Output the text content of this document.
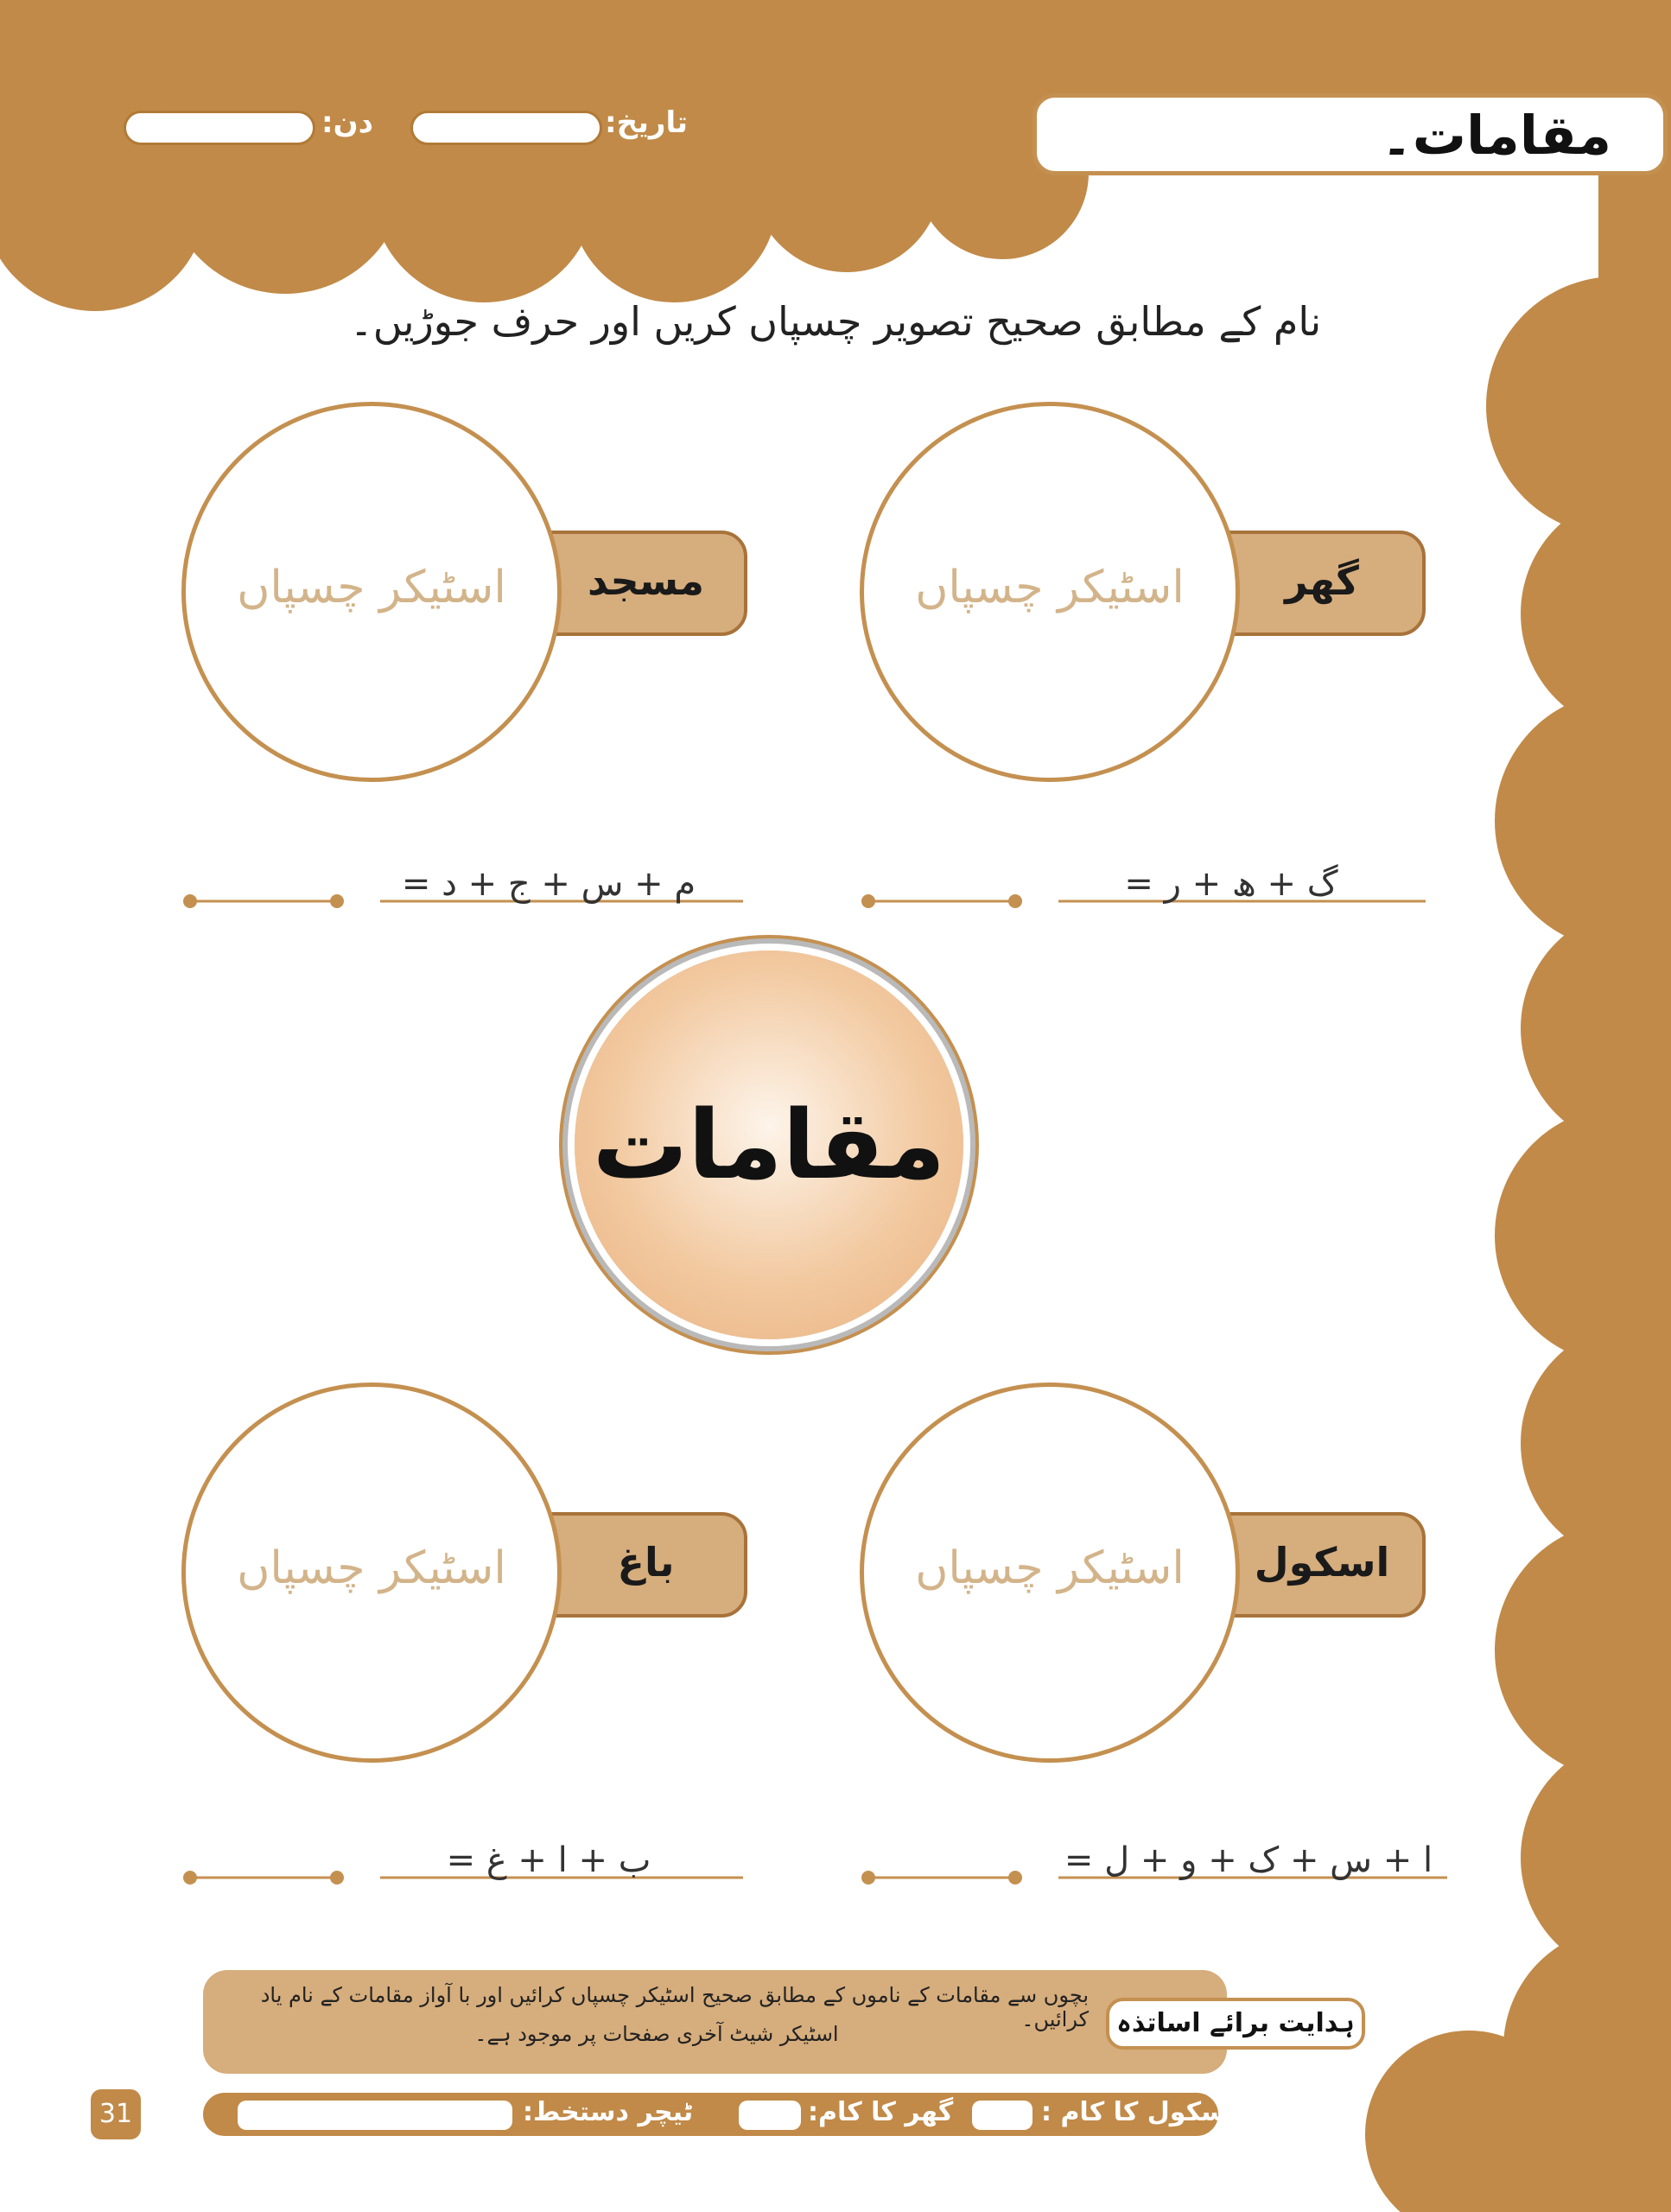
مقامات۔
تاریخ:
دن:
نام کے مطابق صحیح تصویر چسپاں کریں اور حرف جوڑیں۔
گھر
اسٹیکر چسپاں
مسجد
اسٹیکر چسپاں
م + س + ج + د =	گ + ھ + ر =
مقامات
اسکول
اسٹیکر چسپاں
باغ
اسٹیکر چسپاں
ب + ا + غ =	ا + س + ک + و + ل =
ہدایت برائے اساتذہ
بچوں سے مقامات کے ناموں کے مطابق صحیح اسٹیکر چسپاں کرائیں اور با آواز مقامات کے نام یاد کرائیں۔
اسٹیکر شیٹ آخری صفحات پر موجود ہے۔
31	اسکول کا کام :
گھر کا کام:
ٹیچر دستخط:
